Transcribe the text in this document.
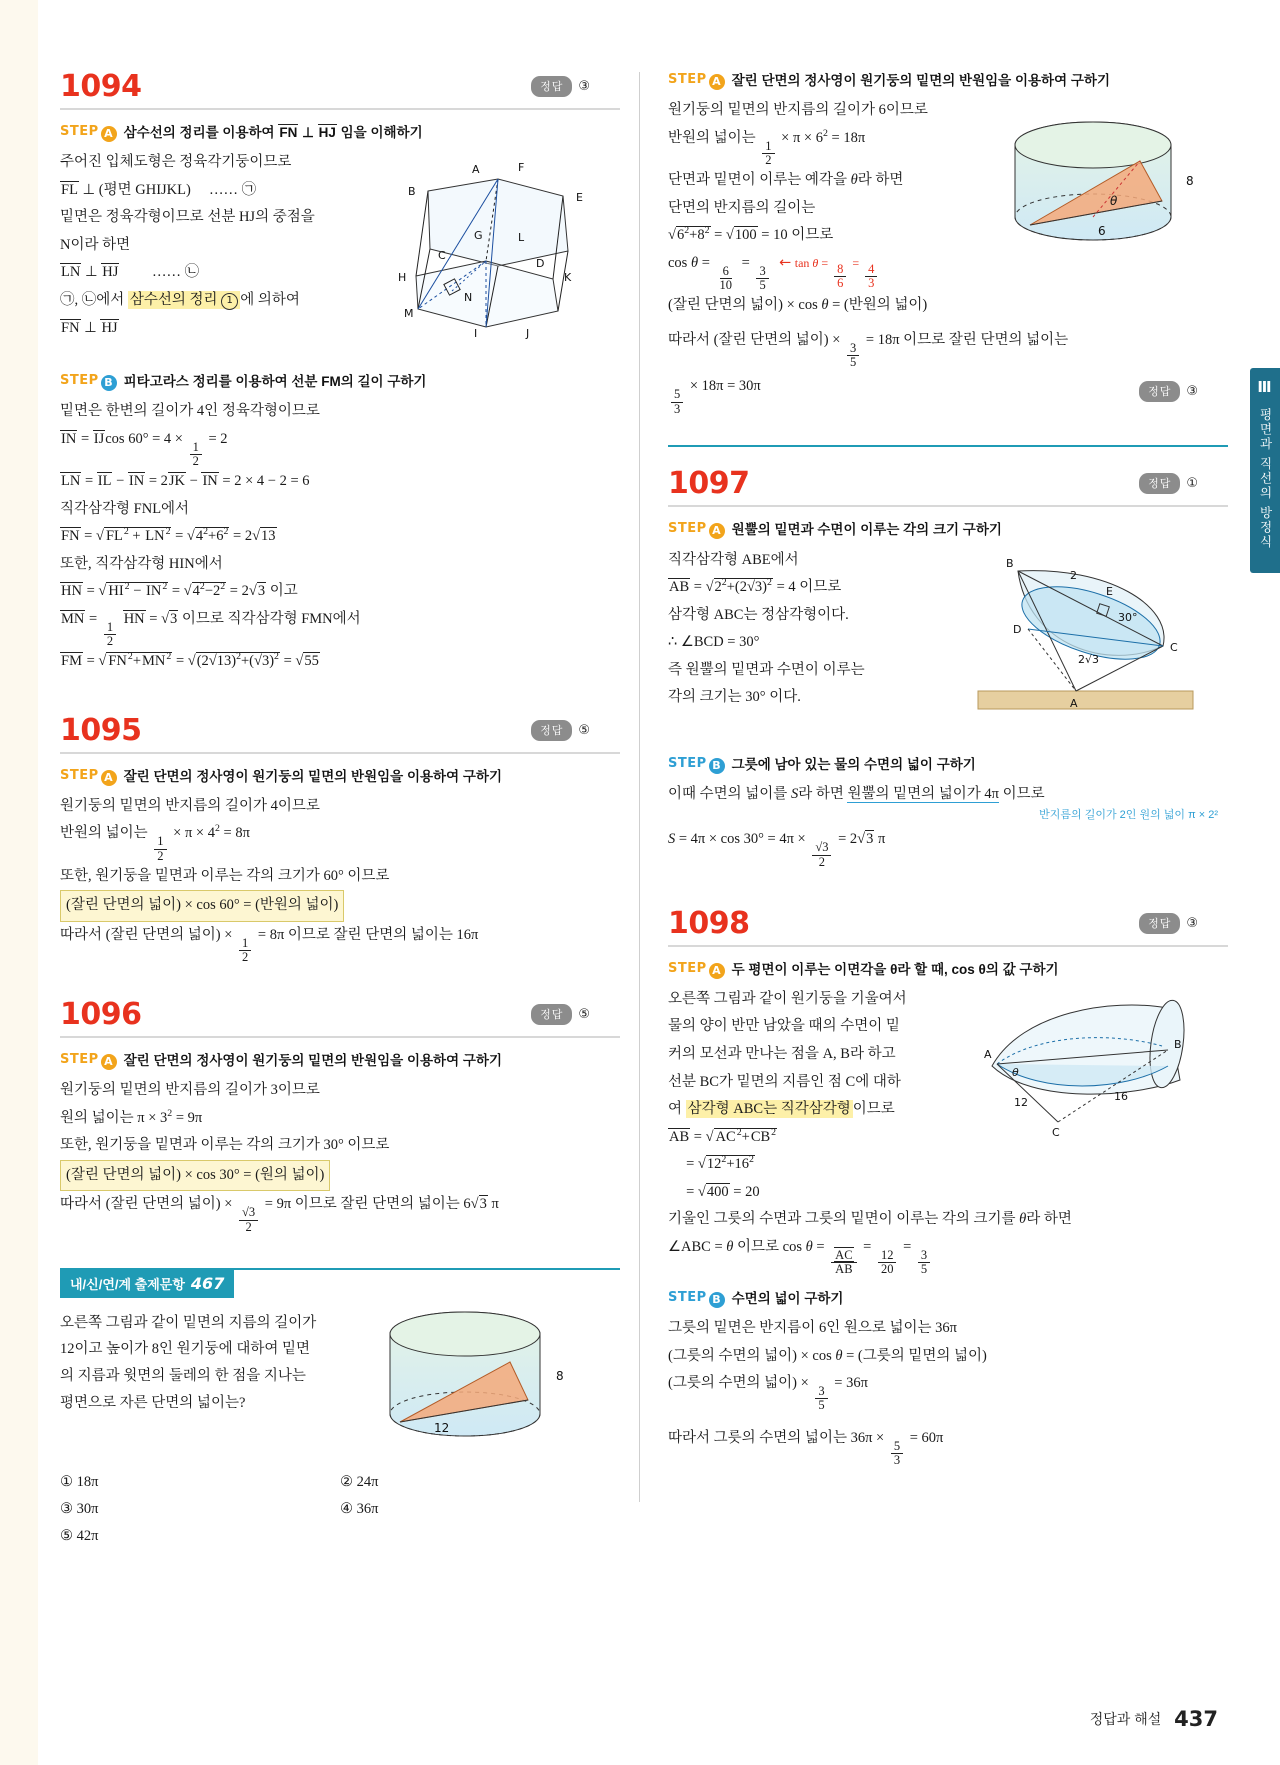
Ⅲ
평면과 직선의 방정식
1094	정답	③
STEP A 삼수선의 정리를 이용하여 FN ⊥ HJ 임을 이해하기

주어진 입체도형은 정육각기둥이므로

FL ⊥ (평면 GHIJKL)     …… ㉠

밑면은 정육각형이므로 선분 HJ의 중점을

N이라 하면

LN ⊥ HJ         …… ㉡

㉠, ㉡에서 삼수선의 정리 1 에 의하여

FN ⊥ HJ

A	F
B	E
G	L
C
D
K
H
M
N
I	J
STEP B 피타고라스 정리를 이용하여 선분 FM의 길이 구하기

밑면은 한변의 길이가 4인 정육각형이므로

IN = IJcos 60° = 4 ×
$\frac{1}{2}$
= 2

LN = IL − IN = 2JK − IN = 2 × 4 − 2 = 6

직각삼각형 FNL에서

FN = √ $FL^2 + LN^2 = √4^2+6^2 = 2√13$

또한, 직각삼각형 HIN에서

HN = √ $HI^2 - IN^2 = √4^2-2^2 = 2√3$ 이고

MN =
$\frac{1}{2}$
HN = √3 이므로 직각삼각형 FMN에서

FM = √ $FN^2+MN^2 = √(2√13)^2+(√3)^2 = √55$

1095	정답	⑤
STEP A 잘린 단면의 정사영이 원기둥의 밑면의 반원임을 이용하여 구하기

원기둥의 밑면의 반지름의 길이가 4이므로

반원의 넓이는
$\frac{1}{2}$
× $\pi \times 4^2 = 8\pi$

또한, 원기둥을 밑면과 이루는 각의 크기가 60° 이므로

(잘린 단면의 넓이) × cos 60° = (반원의 넓이)

따라서 (잘린 단면의 넓이) ×
$\frac{1}{2}$
= 8π 이므로 잘린 단면의 넓이는 16π

1096	정답	⑤
STEP A 잘린 단면의 정사영이 원기둥의 밑면의 반원임을 이용하여 구하기

원기둥의 밑면의 반지름의 길이가 3이므로

원의 넓이는 $\pi \times 3^2 = 9\pi$

또한, 원기둥을 밑면과 이루는 각의 크기가 30° 이므로

(잘린 단면의 넓이) × cos 30° = (원의 넓이)

따라서 (잘린 단면의 넓이) ×
$\frac{√3}{2}$
= 9π 이므로 잘린 단면의 넓이는 6√3 π

내/신/연/계 출제문항 467
오른쪽 그림과 같이 밑면의 지름의 길이가
12이고 높이가 8인 원기둥에 대하여 밑면
의 지름과 윗면의 둘레의 한 점을 지나는
평면으로 자른 단면의 넓이는?
8
12
① 18π	② 24π
③ 30π	④ 36π
⑤ 42π
STEP A 잘린 단면의 정사영이 원기둥의 밑면의 반원임을 이용하여 구하기

원기둥의 밑면의 반지름의 길이가 6이므로

반원의 넓이는
$\frac{1}{2}$
× $\pi \times 6^2 = 18\pi$

단면과 밑면이 이루는 예각을 θ라 하면

단면의 반지름의 길이는

$√6^2+8^2 = √100 = 10$ 이므로

cos θ =
$\frac{6}{10}$
=
$\frac{3}{5}$
← tan θ =
$\frac{8}{6}$
=
$\frac{4}{3}$

(잘린 단면의 넓이) × cos θ = (반원의 넓이)

8
6
θ

따라서 (잘린 단면의 넓이) ×
$\frac{3}{5}$
= 18π 이므로 잘린 단면의 넓이는

$\frac{5}{3}$
× 18π = 30π	정답	③
1097	정답	①
STEP A 원뿔의 밑면과 수면이 이루는 각의 크기 구하기

직각삼각형 ABE에서

AB = $√2^2+(2√3)^2 = 4$ 이므로

삼각형 ABC는 정삼각형이다.

∴ ∠BCD = 30°

즉 원뿔의 밑면과 수면이 이루는

각의 크기는 30° 이다.

B
2
E
30°
D
C
2√3
A
STEP B 그릇에 남아 있는 물의 수면의 넓이 구하기

이때 수면의 넓이를 S라 하면 원뿔의 밑면의 넓이가 4π 이므로

반지름의 길이가 2인 원의 넓이 π × 2²

S = 4π × cos 30° = 4π ×
$\frac{√3}{2}$
= 2√3 π

1098	정답	③
STEP A 두 평면이 이루는 이면각을 θ라 할 때, cos θ의 값 구하기

오른쪽 그림과 같이 원기둥을 기울여서

물의 양이 반만 남았을 때의 수면이 밑

커의 모선과 만나는 점을 A, B라 하고

선분 BC가 밑면의 지름인 점 C에 대하

여 삼각형 ABC는 직각삼각형 이므로

AB = √ $AC^2+CB^2$

= $√12^2+16^2$

= √400 = 20

A
B
θ
12	16
C

기울인 그릇의 수면과 그릇의 밑면이 이루는 각의 크기를 θ라 하면

∠ABC = θ 이므로 cos θ =
$\frac{AC}{AB}$
=
$\frac{12}{20}$
=
$\frac{3}{5}$

STEP B 수면의 넓이 구하기

그릇의 밑면은 반지름이 6인 원으로 넓이는 36π

(그릇의 수면의 넓이) × cos θ = (그릇의 밑면의 넓이)

(그릇의 수면의 넓이) ×
$\frac{3}{5}$
= 36π

따라서 그릇의 수면의 넓이는 36π ×
$\frac{5}{3}$
= 60π

정답과 해설 437
